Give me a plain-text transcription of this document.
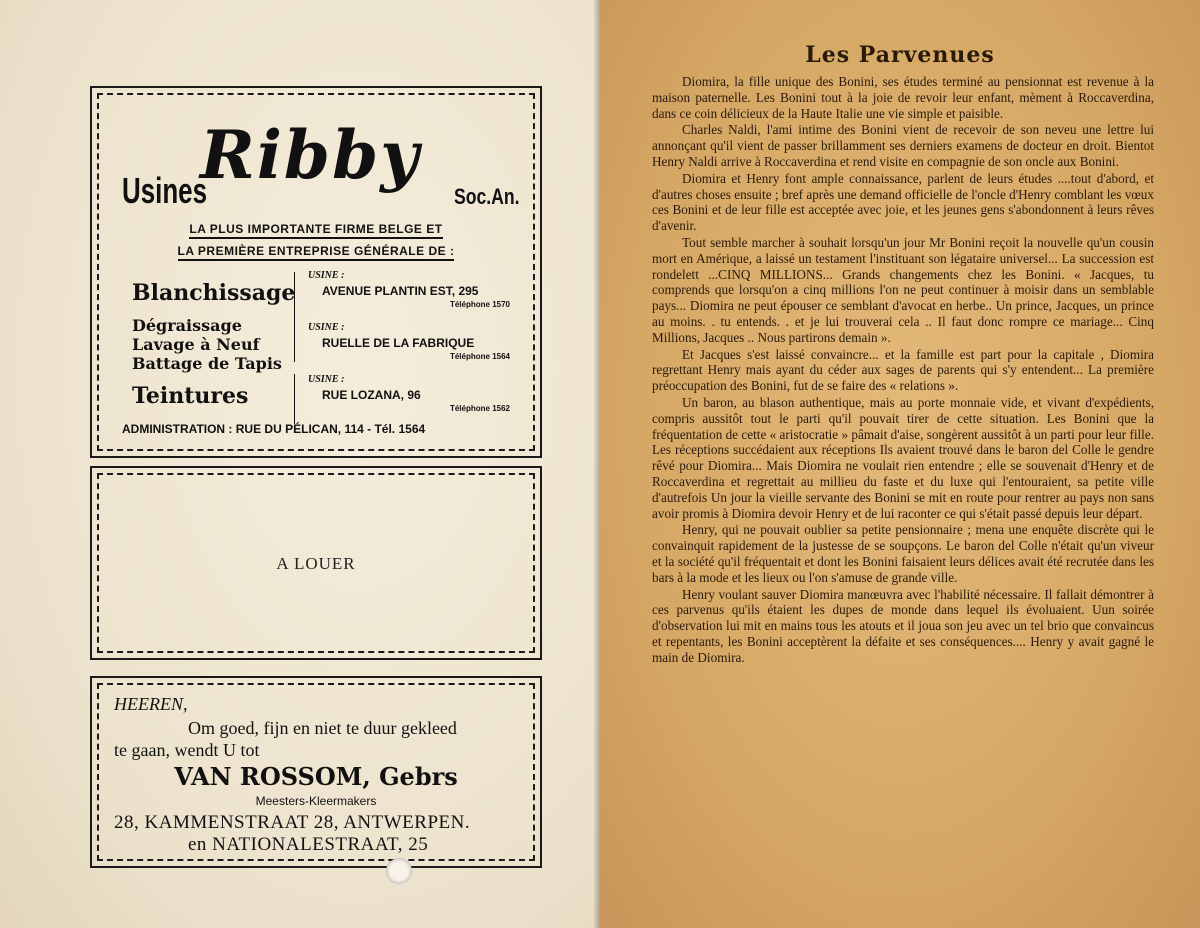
Ribby
Usines	Soc.An.
LA PLUS IMPORTANTE FIRME BELGE ET
LA PREMIÈRE ENTREPRISE GÉNÉRALE DE :
Blanchissage
Dégraissage
Lavage à Neuf
Battage de Tapis
Teintures
USINE :
AVENUE PLANTIN EST, 295
Téléphone 1570
USINE :
RUELLE DE LA FABRIQUE
Téléphone 1564
USINE :
RUE LOZANA, 96
Téléphone 1562
ADMINISTRATION : RUE DU PÉLICAN, 114 - Tél. 1564
A LOUER
HEEREN,
Om goed, fijn en niet te duur gekleed
te gaan, wendt U tot
VAN ROSSOM, Gebrs
Meesters-Kleermakers
28, KAMMENSTRAAT 28, ANTWERPEN.
en NATIONALESTRAAT, 25
Les Parvenues

Diomira, la fille unique des Bonini, ses études terminé au pensionnat est revenue à la maison paternelle. Les Bonini tout à la joie de revoir leur enfant, mèment à Roccaverdina, dans ce coin délicieux de la Haute Italie une vie simple et paisible.

Charles Naldi, l'ami intime des Bonini vient de recevoir de son neveu une lettre lui annonçant qu'il vient de passer brillamment ses derniers examens de docteur en droit. Bientot Henry Naldi arrive à Roccaverdina et rend visite en compagnie de son oncle aux Bonini.

Diomira et Henry font ample connaissance, parlent de leurs études ....tout d'abord, et d'autres choses ensuite ; bref après une demand officielle de l'oncle d'Henry comblant les vœux ces Bonini et de leur fille est acceptée avec joie, et les jeunes gens s'abondonnent à leurs rêves d'avenir.

Tout semble marcher à souhait lorsqu'un jour Mr Bonini reçoit la nouvelle qu'un cousin mort en Amérique, a laissé un testament l'instituant son légataire universel... La succession est rondelett ...CINQ MILLIONS... Grands changements chez les Bonini. « Jacques, tu comprends que lorsqu'on a cinq millions l'on ne peut continuer à moisir dans un semblable pays... Diomira ne peut épouser ce semblant d'avocat en herbe.. Un prince, Jacques, un prince au moins. . tu entends. . et je lui trouverai cela .. Il faut donc rompre ce mariage... Cinq Millions, Jacques .. Nous partirons demain ».

Et Jacques s'est laissé convaincre... et la famille est part pour la capitale , Diomira regrettant Henry mais ayant du céder aux sages de parents qui s'y entendent... La première préoccupation des Bonini, fut de se faire des « relations ».

Un baron, au blason authentique, mais au porte monnaie vide, et vivant d'expédients, compris aussitôt tout le parti qu'il pouvait tirer de cette situation. Les Bonini que la fréquentation de cette « aristocratie » pâmait d'aise, songèrent aussitôt à un parti pour leur fille. Les réceptions succédaient aux réceptions Ils avaient trouvé dans le baron del Colle le gendre rêvé pour Diomira... Mais Diomira ne voulait rien entendre ; elle se souvenait d'Henry et de Roccaverdina et regrettait au millieu du faste et du luxe qui l'entouraient, sa petite ville d'autrefois Un jour la vieille servante des Bonini se mit en route pour rentrer au pays non sans avoir promis à Diomira devoir Henry et de lui raconter ce qui s'était passé depuis leur départ.

Henry, qui ne pouvait oublier sa petite pensionnaire ; mena une enquête discrète qui le convainquit rapidement de la justesse de se soupçons. Le baron del Colle n'était qu'un viveur et la société qu'il fréquentait et dont les Bonini faisaient leurs délices avait été recrutée dans les bars à la mode et les lieux ou l'on s'amuse de grande ville.

Henry voulant sauver Diomira manœuvra avec l'habilité nécessaire. Il fallait démontrer à ces parvenus qu'ils étaient les dupes de monde dans lequel ils évoluaient. Uun soirée d'observation lui mit en mains tous les atouts et il joua son jeu avec un tel brio que convaincus et repentants, les Bonini acceptèrent la défaite et ses conséquences.... Henry y avait gagné le main de Diomira.
